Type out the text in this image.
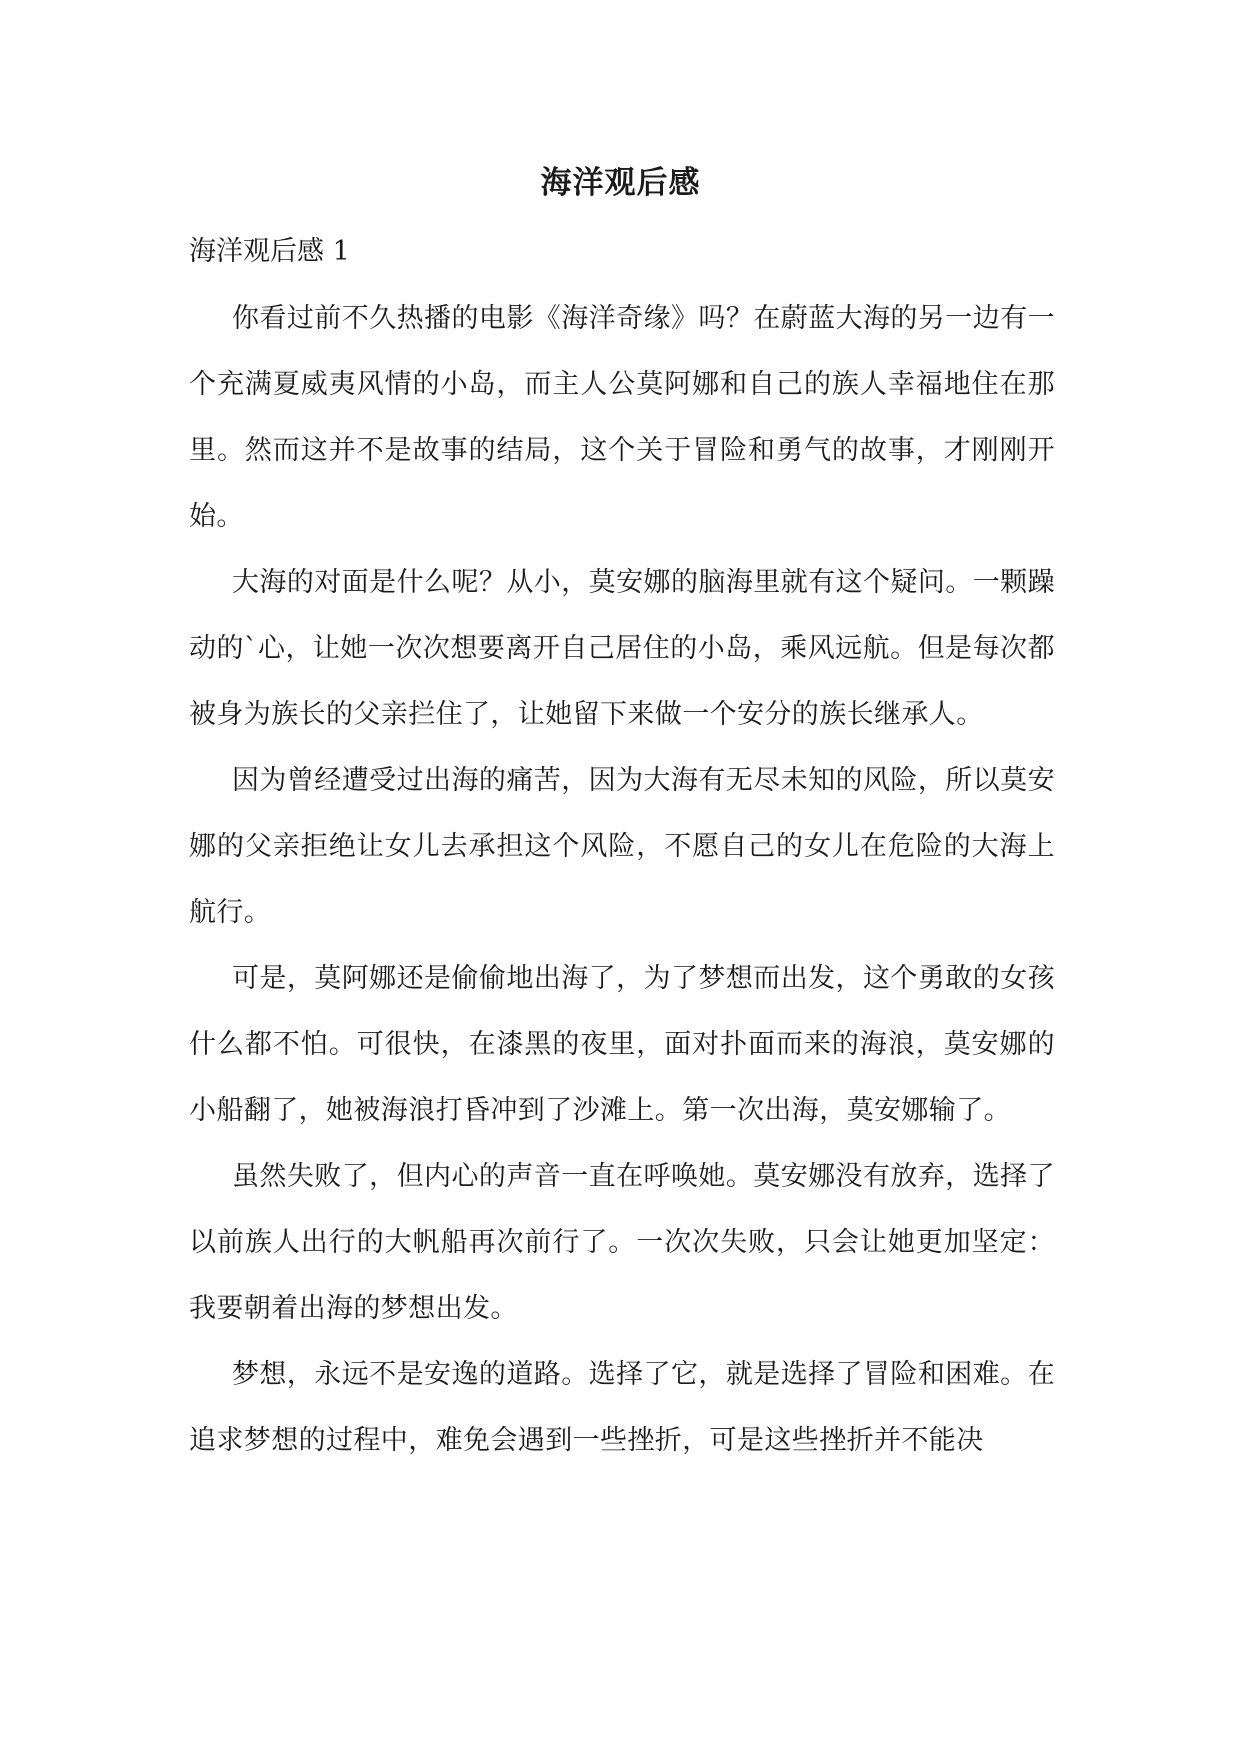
海洋观后感

海洋观后感 1

你看过前不久热播的电影《海洋奇缘》吗？在蔚蓝大海的另一边有一个充满夏威夷风情的小岛，而主人公莫阿娜和自己的族人幸福地住在那里。然而这并不是故事的结局，这个关于冒险和勇气的故事，才刚刚开始。

大海的对面是什么呢？从小，莫安娜的脑海里就有这个疑问。一颗躁动的`心，让她一次次想要离开自己居住的小岛，乘风远航。但是每次都被身为族长的父亲拦住了，让她留下来做一个安分的族长继承人。

因为曾经遭受过出海的痛苦，因为大海有无尽未知的风险，所以莫安娜的父亲拒绝让女儿去承担这个风险，不愿自己的女儿在危险的大海上航行。

可是，莫阿娜还是偷偷地出海了，为了梦想而出发，这个勇敢的女孩什么都不怕。可很快，在漆黑的夜里，面对扑面而来的海浪，莫安娜的小船翻了，她被海浪打昏冲到了沙滩上。第一次出海，莫安娜输了。

虽然失败了，但内心的声音一直在呼唤她。莫安娜没有放弃，选择了以前族人出行的大帆船再次前行了。一次次失败，只会让她更加坚定：我要朝着出海的梦想出发。

梦想，永远不是安逸的道路。选择了它，就是选择了冒险和困难。在追求梦想的过程中，难免会遇到一些挫折，可是这些挫折并不能决
